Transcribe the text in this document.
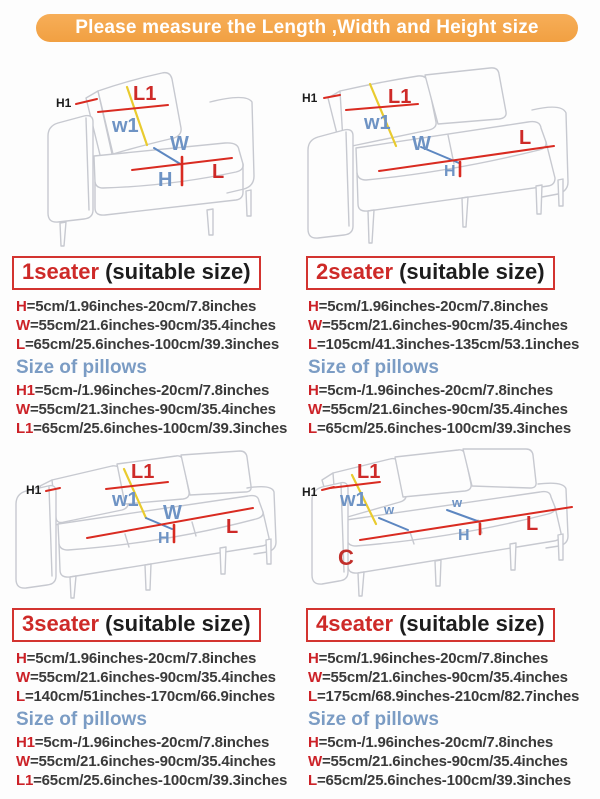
Please measure the Length ,Width and Height size
H1	L1
w1
W
H L
1seater (suitable size)
H=5cm/1.96inches-20cm/7.8inches
W=55cm/21.6inches-90cm/35.4inches
L=65cm/25.6inches-100cm/39.3inches
Size of pillows
H1=5cm-/1.96inches-20cm/7.8inches
W=55cm/21.3inches-90cm/35.4inches
L1=65cm/25.6inches-100cm/39.3inches
H1	L1
w1
W
H
L
2seater (suitable size)
H=5cm/1.96inches-20cm/7.8inches
W=55cm/21.6inches-90cm/35.4inches
L=105cm/41.3inches-135cm/53.1inches
Size of pillows
H=5cm-/1.96inches-20cm/7.8inches
W=55cm/21.6inches-90cm/35.4inches
L=65cm/25.6inches-100cm/39.3inches
H1
L1
w1
W
H
L
3seater (suitable size)
H=5cm/1.96inches-20cm/7.8inches
W=55cm/21.6inches-90cm/35.4inches
L=140cm/51inches-170cm/66.9inches
Size of pillows
H1=5cm-/1.96inches-20cm/7.8inches
W=55cm/21.6inches-90cm/35.4inches
L1=65cm/25.6inches-100cm/39.3inches
H1
L1
w1 w	w
H
L
C
4seater (suitable size)
H=5cm/1.96inches-20cm/7.8inches
W=55cm/21.6inches-90cm/35.4inches
L=175cm/68.9inches-210cm/82.7inches
Size of pillows
H=5cm-/1.96inches-20cm/7.8inches
W=55cm/21.6inches-90cm/35.4inches
L=65cm/25.6inches-100cm/39.3inches
